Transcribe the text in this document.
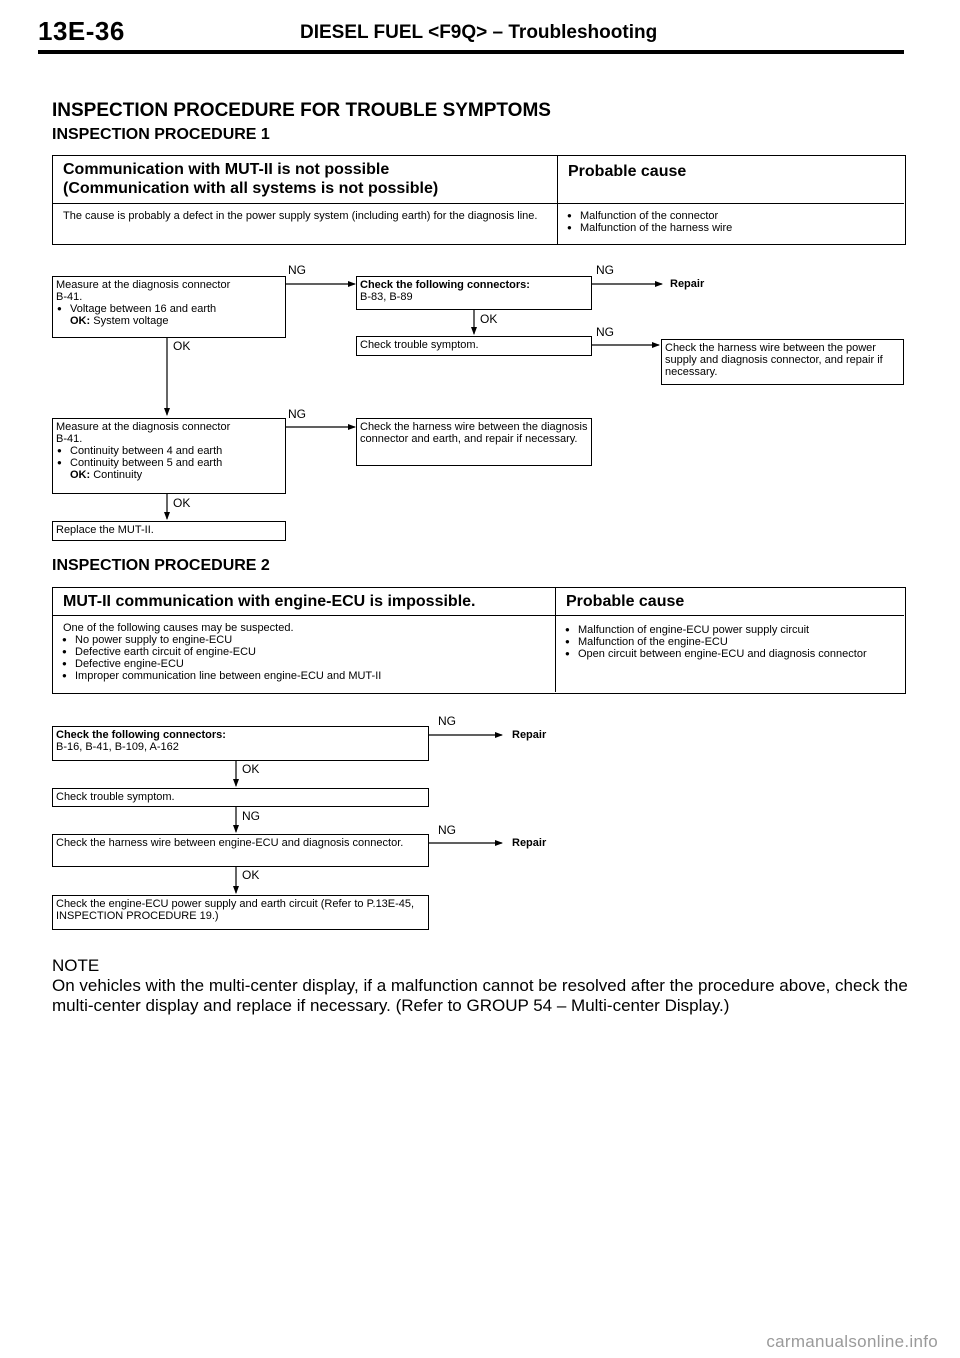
13E-36	DIESEL FUEL <F9Q> – Troubleshooting
INSPECTION PROCEDURE FOR TROUBLE SYMPTOMS
INSPECTION PROCEDURE 1
Communication with MUT-II is not possible
(Communication with all systems is not possible)
Probable cause
The cause is probably a defect in the power supply system (including earth) for the diagnosis line.
●	Malfunction of the connector
● Malfunction of the harness wire
Measure at the diagnosis connector
B-41.
● Voltage between 16 and earth
OK: System voltage
NG
OK
Check the following connectors:
B-83, B-89
NG
Repair
OK
Check trouble symptom.
NG
Check the harness wire between the power supply and diagnosis connector, and repair if necessary.
Measure at the diagnosis connector
B-41.
● Continuity between 4 and earth
● Continuity between 5 and earth
OK: Continuity
NG
Check the harness wire between the diagnosis connector and earth, and repair if necessary.
OK
Replace the MUT-II.
INSPECTION PROCEDURE 2
MUT-II communication with engine-ECU is impossible.	Probable cause
One of the following causes may be suspected.
● No power supply to engine-ECU
● Defective earth circuit of engine-ECU
● Defective engine-ECU
● Improper communication line between engine-ECU and MUT-II
● Malfunction of engine-ECU power supply circuit
● Malfunction of the engine-ECU
● Open circuit between engine-ECU and diagnosis connector
Check the following connectors:
B-16, B-41, B-109, A-162
NG
Repair
OK
Check trouble symptom.
NG
Check the harness wire between engine-ECU and diagnosis connector.
NG
Repair
OK
Check the engine-ECU power supply and earth circuit (Refer to P.13E-45, INSPECTION PROCEDURE 19.)
NOTE
On vehicles with the multi-center display, if a malfunction cannot be resolved after the procedure above, check the multi-center display and replace if necessary. (Refer to GROUP 54 – Multi-center Display.)
carmanualsonline.info
